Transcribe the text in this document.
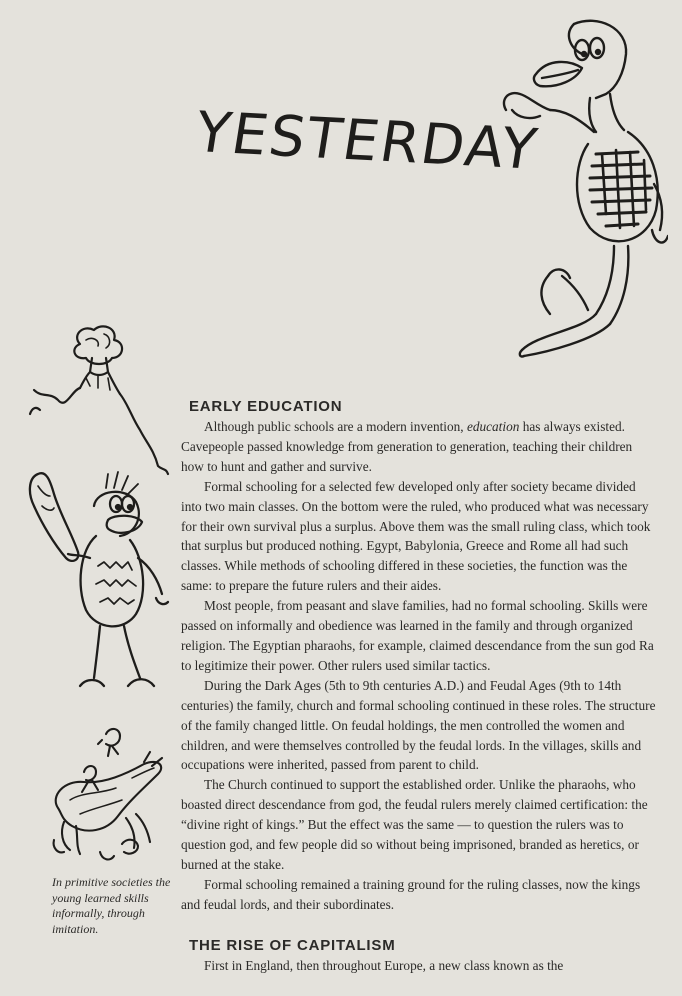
YESTERDAY
In primitive societies the young learned skills informally, through imitation.
EARLY EDUCATION

Although public schools are a modern invention, education has always existed. Cavepeople passed knowledge from generation to generation, teaching their children how to hunt and gather and survive.

Formal schooling for a selected few developed only after society became divided into two main classes. On the bottom were the ruled, who produced what was necessary for their own survival plus a surplus. Above them was the small ruling class, which took that surplus but produced nothing. Egypt, Babylonia, Greece and Rome all had such classes. While methods of schooling differed in these societies, the function was the same: to prepare the future rulers and their aides.

Most people, from peasant and slave families, had no formal schooling. Skills were passed on informally and obedience was learned in the family and through organized religion. The Egyptian pharaohs, for example, claimed descendance from the sun god Ra to legitimize their power. Other rulers used similar tactics.

During the Dark Ages (5th to 9th centuries A.D.) and Feudal Ages (9th to 14th centuries) the family, church and formal schooling continued in these roles. The structure of the family changed little. On feudal holdings, the men controlled the women and children, and were themselves controlled by the feudal lords. In the villages, skills and occupations were inherited, passed from parent to child.

The Church continued to support the established order. Unlike the pharaohs, who boasted direct descendance from god, the feudal rulers merely claimed certification: the “divine right of kings.” But the effect was the same — to question the rulers was to question god, and few people did so without being imprisoned, branded as heretics, or burned at the stake.

Formal schooling remained a training ground for the ruling classes, now the kings and feudal lords, and their subordinates.

THE RISE OF CAPITALISM

First in England, then throughout Europe, a new class known as the
